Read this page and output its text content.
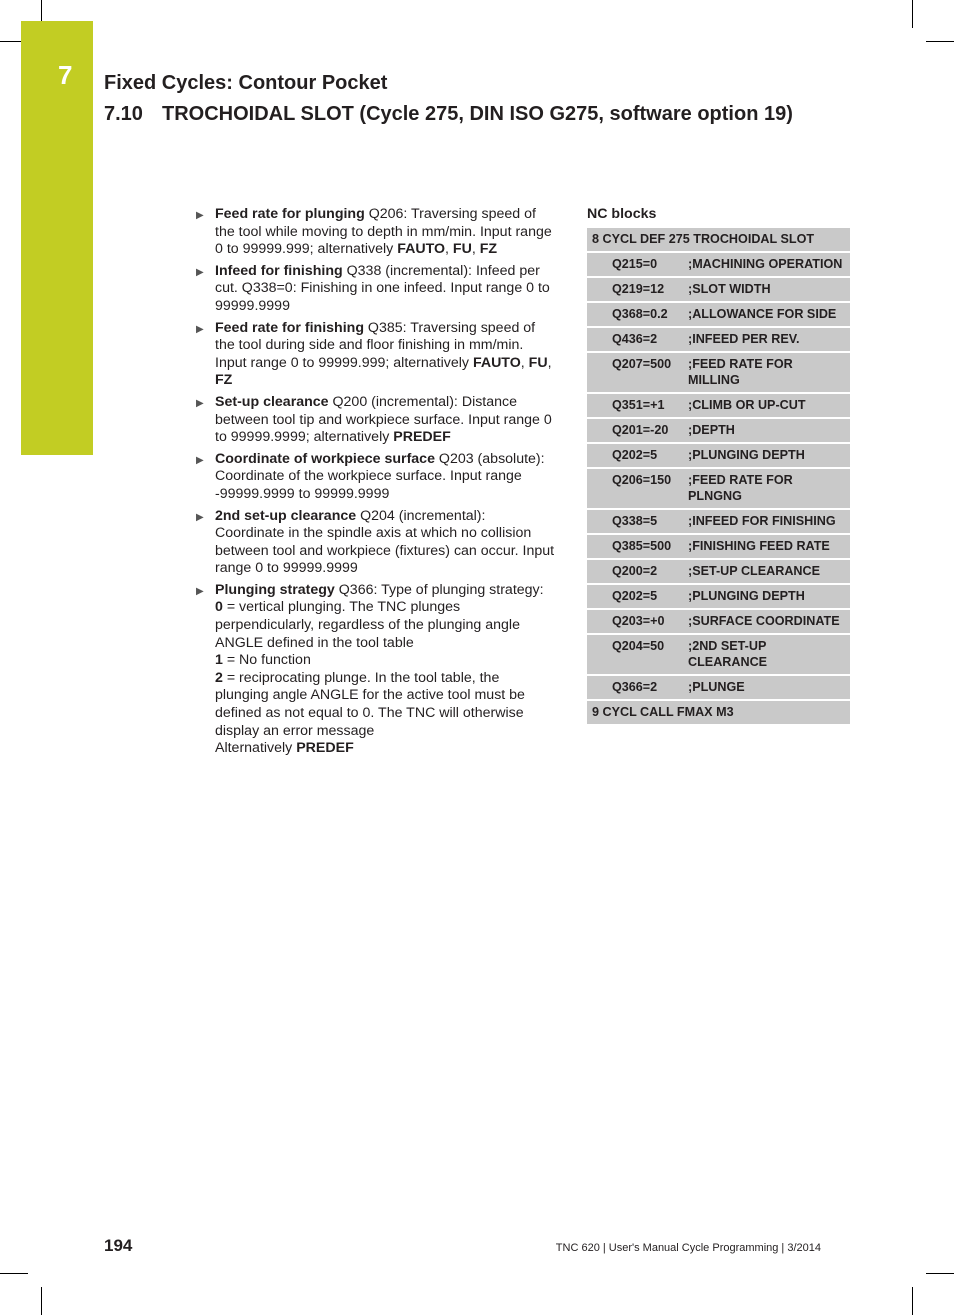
7 Fixed Cycles: Contour Pocket
7.10 TROCHOIDAL SLOT (Cycle 275, DIN ISO G275, software option 19)
▶ Feed rate for plunging Q206: Traversing speed of the tool while moving to depth in mm/min. Input range 0 to 99999.999; alternatively FAUTO, FU, FZ
▶ Infeed for finishing Q338 (incremental): Infeed per cut. Q338=0: Finishing in one infeed. Input range 0 to 99999.9999
▶ Feed rate for finishing Q385: Traversing speed of the tool during side and floor finishing in mm/min. Input range 0 to 99999.999; alternatively FAUTO, FU, FZ
▶ Set-up clearance Q200 (incremental): Distance between tool tip and workpiece surface. Input range 0 to 99999.9999; alternatively PREDEF
▶ Coordinate of workpiece surface Q203 (absolute): Coordinate of the workpiece surface. Input range -99999.9999 to 99999.9999
▶ 2nd set-up clearance Q204 (incremental): Coordinate in the spindle axis at which no collision between tool and workpiece (fixtures) can occur. Input range 0 to 99999.9999
▶ Plunging strategy Q366: Type of plunging strategy:
0 = vertical plunging. The TNC plunges perpendicularly, regardless of the plunging angle ANGLE defined in the tool table
1 = No function
2 = reciprocating plunge. In the tool table, the plunging angle ANGLE for the active tool must be defined as not equal to 0. The TNC will otherwise display an error message
Alternatively PREDEF
NC blocks
8 CYCL DEF 275 TROCHOIDAL SLOT	
Q215=0	;MACHINING OPERATION
Q219=12	;SLOT WIDTH
Q368=0.2	;ALLOWANCE FOR SIDE
Q436=2	;INFEED PER REV.
Q207=500	;FEED RATE FOR MILLING
Q351=+1	;CLIMB OR UP-CUT
Q201=-20	;DEPTH
Q202=5	;PLUNGING DEPTH
Q206=150	;FEED RATE FOR PLNGNG
Q338=5	;INFEED FOR FINISHING
Q385=500	;FINISHING FEED RATE
Q200=2	;SET-UP CLEARANCE
Q202=5	;PLUNGING DEPTH
Q203=+0	;SURFACE COORDINATE
Q204=50	;2ND SET-UP CLEARANCE
Q366=2	;PLUNGE
9 CYCL CALL FMAX M3	
194	TNC 620 | User's Manual Cycle Programming | 3/2014
